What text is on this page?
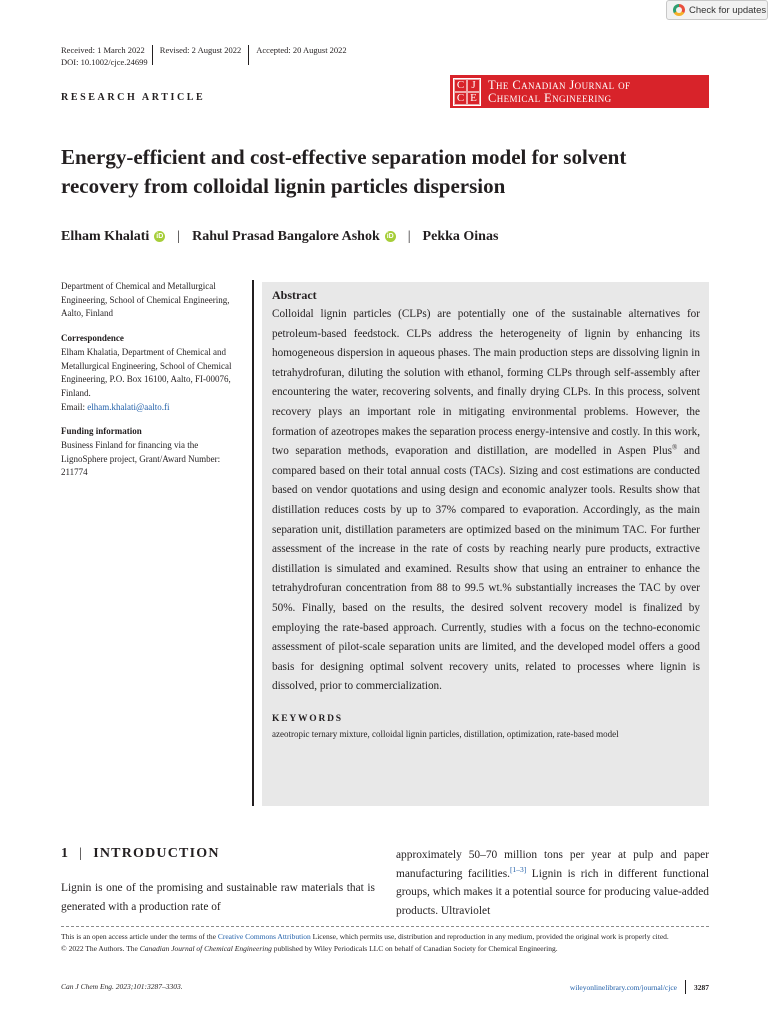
Check for updates
Received: 1 March 2022 Revised: 2 August 2022 Accepted: 20 August 2022
DOI: 10.1002/cjce.24699
RESEARCH ARTICLE
C J
C E
The Canadian Journal of
Chemical Engineering
Energy-efficient and cost-effective separation model for solvent recovery from colloidal lignin particles dispersion
Elham Khalati iD | Rahul Prasad Bangalore Ashok iD | Pekka Oinas
Department of Chemical and Metallurgical Engineering, School of Chemical Engineering, Aalto, Finland
Correspondence
Elham Khalatia, Department of Chemical and Metallurgical Engineering, School of Chemical Engineering, P.O. Box 16100, Aalto, FI-00076, Finland.
Email: elham.khalati@aalto.fi
Funding information
Business Finland for financing via the LignoSphere project, Grant/Award Number: 211774
Abstract

Colloidal lignin particles (CLPs) are potentially one of the sustainable alternatives for petroleum-based feedstock. CLPs address the heterogeneity of lignin by enhancing its homogeneous dispersion in aqueous phases. The main production steps are dissolving lignin in tetrahydrofuran, diluting the solution with ethanol, forming CLPs through self-assembly after encountering the water, recovering solvents, and finally drying CLPs. In this process, solvent recovery plays an important role in mitigating environmental problems. However, the formation of azeotropes makes the separation process energy-intensive and costly. In this work, two separation methods, evaporation and distillation, are modelled in Aspen Plus® and compared based on their total annual costs (TACs). Sizing and cost estimations are conducted based on vendor quotations and using design and economic analyzer tools. Results show that distillation reduces costs by up to 37% compared to evaporation. Accordingly, as the main separation unit, distillation parameters are optimized based on the minimum TAC. For further assessment of the increase in the rate of costs by reaching nearly pure products, extractive distillation is simulated and examined. Results show that using an entrainer to enhance the tetrahydrofuran concentration from 88 to 99.5 wt.% substantially increases the TAC by over 50%. Finally, based on the results, the desired solvent recovery model is finalized by employing the rate-based approach. Currently, studies with a focus on the techno-economic assessment of pilot-scale separation units are limited, and the developed model offers a good basis for designing optimal solvent recovery units, related to processes where lignin is dissolved, prior to commercialization.

KEYWORDS
azeotropic ternary mixture, colloidal lignin particles, distillation, optimization, rate-based model
1 | INTRODUCTION

Lignin is one of the promising and sustainable raw materials that is generated with a production rate of

approximately 50–70 million tons per year at pulp and paper manufacturing facilities.[1–3] Lignin is rich in different functional groups, which makes it a potential source for producing value-added products. Ultraviolet

This is an open access article under the terms of the Creative Commons Attribution License, which permits use, distribution and reproduction in any medium, provided the original work is properly cited.
© 2022 The Authors. The Canadian Journal of Chemical Engineering published by Wiley Periodicals LLC on behalf of Canadian Society for Chemical Engineering.
Can J Chem Eng. 2023;101:3287–3303.	wileyonlinelibrary.com/journal/cjce 3287
